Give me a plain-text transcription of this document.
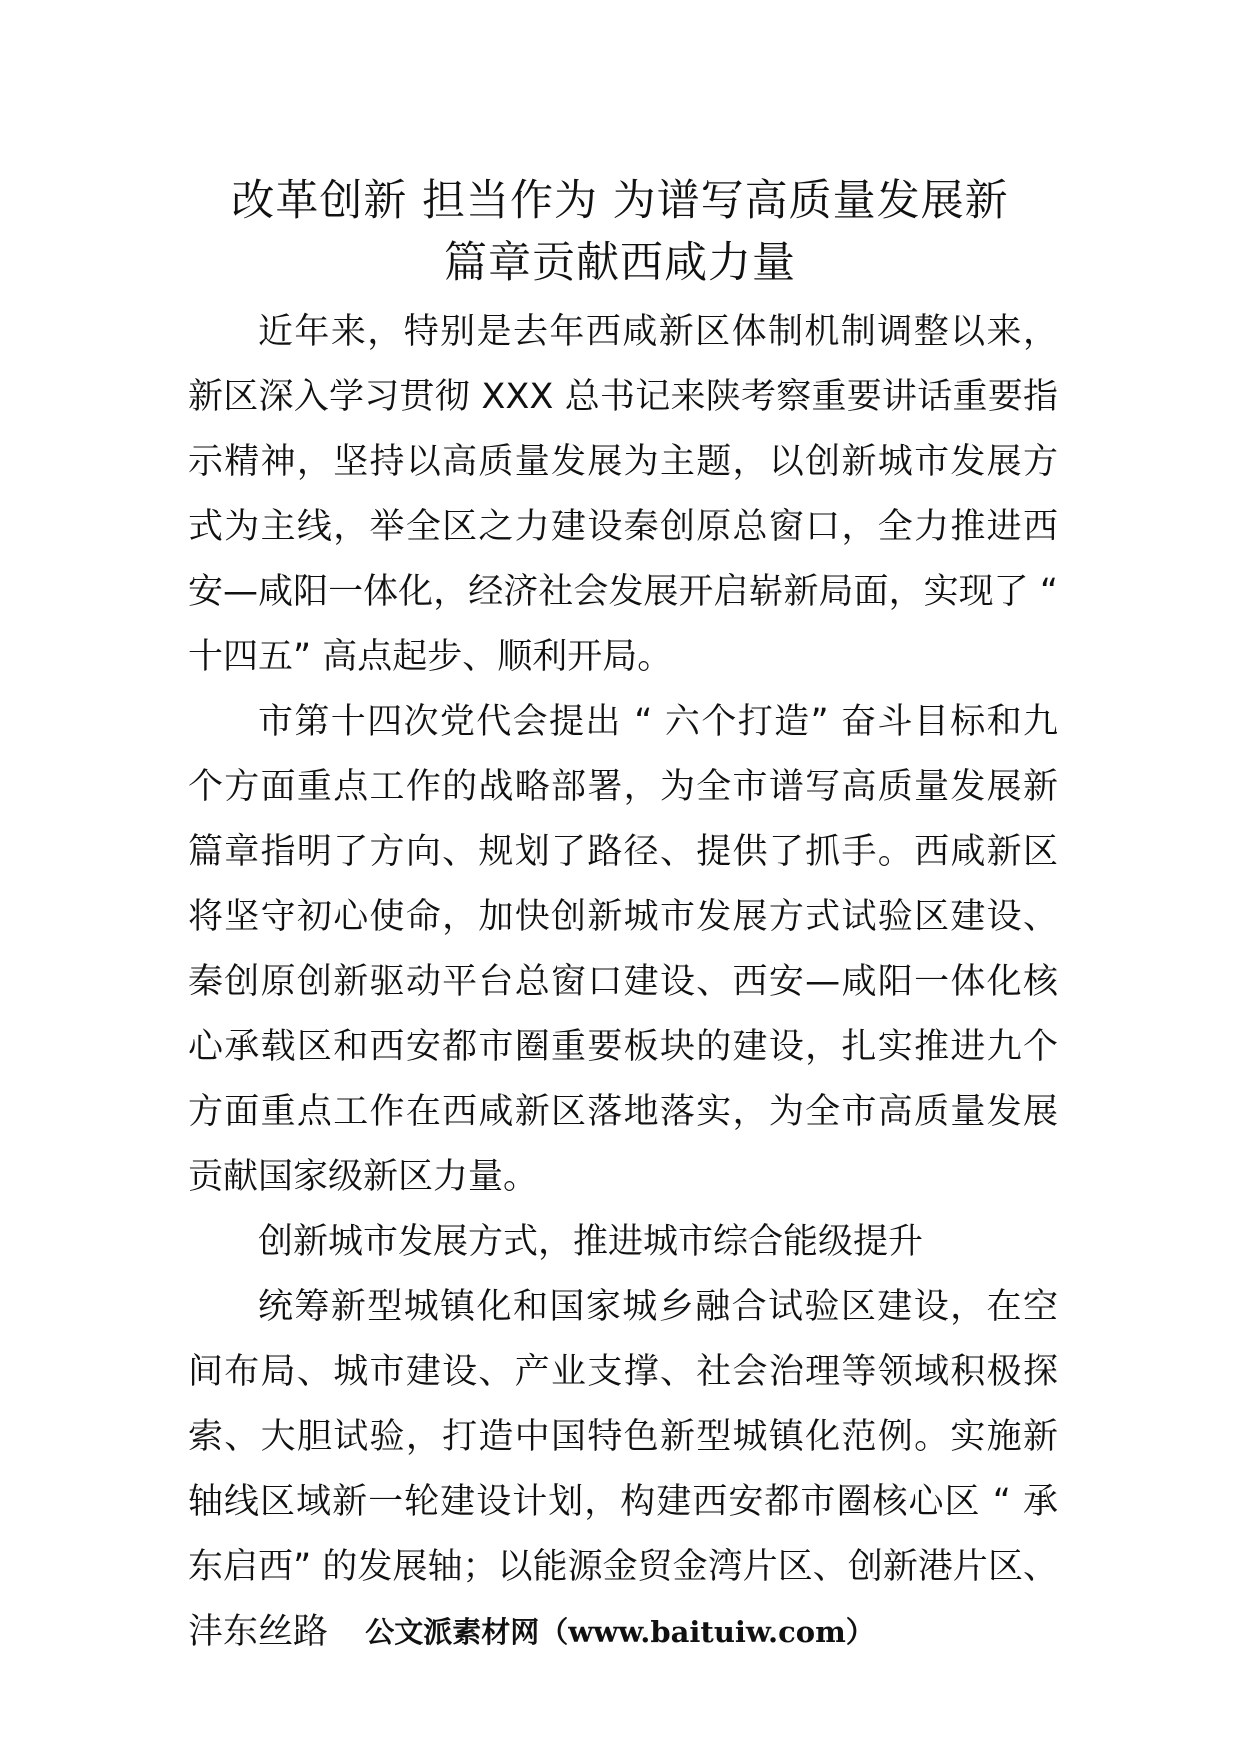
改革创新 担当作为 为谱写高质量发展新
篇章贡献西咸力量

近年来，特别是去年西咸新区体制机制调整以来，新区深入学习贯彻 XXX 总书记来陕考察重要讲话重要指示精神，坚持以高质量发展为主题，以创新城市发展方式为主线，举全区之力建设秦创原总窗口，全力推进西安—咸阳一体化，经济社会发展开启崭新局面，实现了 “ 十四五” 高点起步、顺利开局。

市第十四次党代会提出 “ 六个打造” 奋斗目标和九个方面重点工作的战略部署，为全市谱写高质量发展新篇章指明了方向、规划了路径、提供了抓手。西咸新区将坚守初心使命，加快创新城市发展方式试验区建设、秦创原创新驱动平台总窗口建设、西安—咸阳一体化核心承载区和西安都市圈重要板块的建设，扎实推进九个方面重点工作在西咸新区落地落实，为全市高质量发展贡献国家级新区力量。

创新城市发展方式，推进城市综合能级提升

统筹新型城镇化和国家城乡融合试验区建设，在空间布局、城市建设、产业支撑、社会治理等领域积极探索、大胆试验，打造中国特色新型城镇化范例。实施新轴线区域新一轮建设计划，构建西安都市圈核心区 “ 承东启西” 的发展轴；以能源金贸金湾片区、创新港片区、沣东丝路	公文派素材网（www.baituiw.com）
